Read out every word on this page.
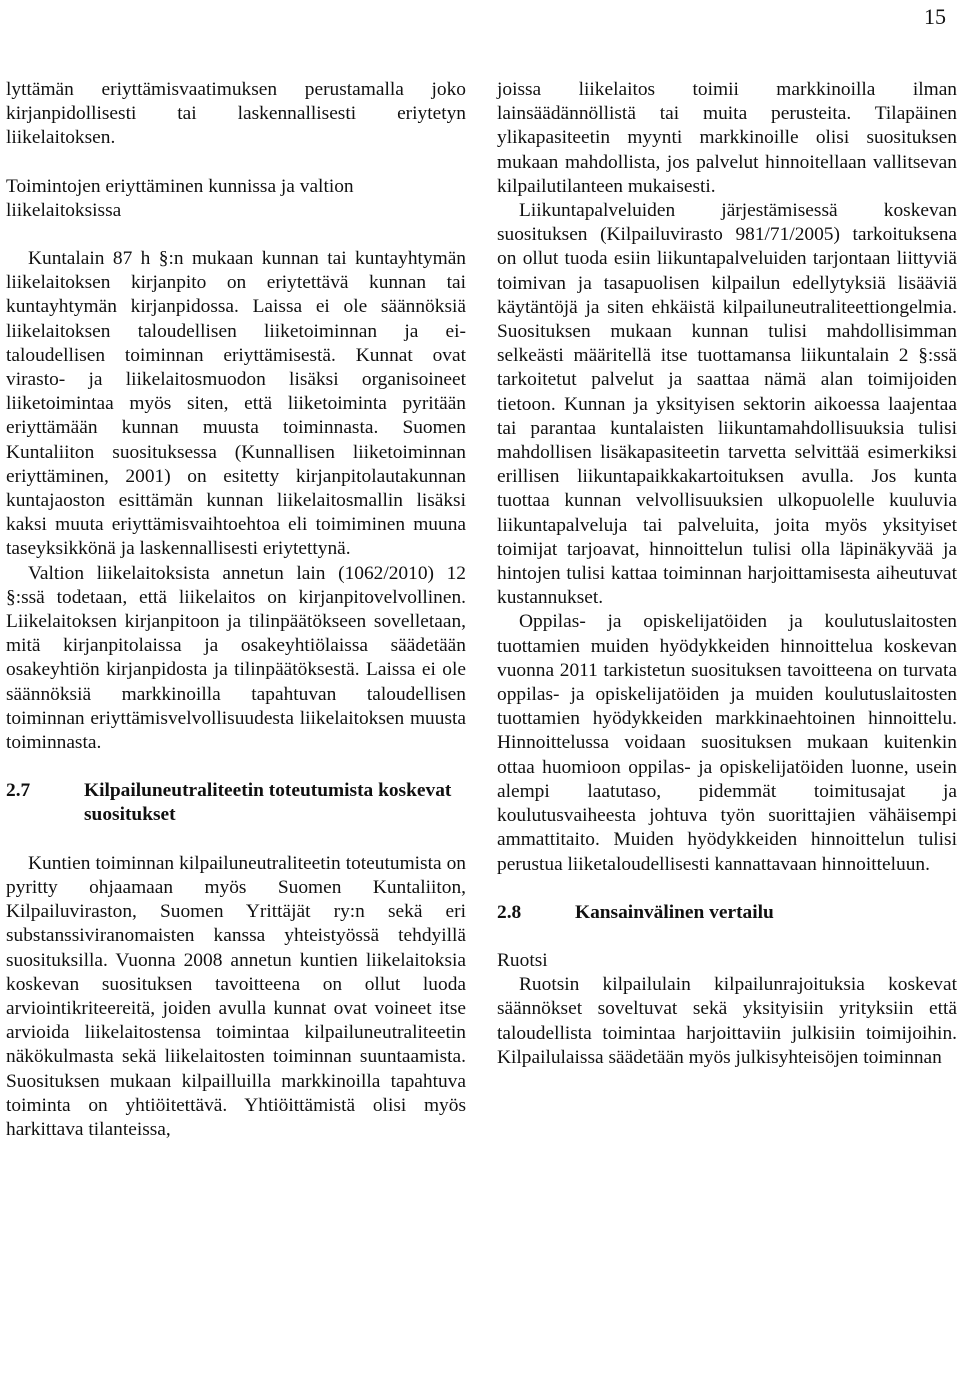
15

lyttämän eriyttämisvaatimuksen perustamalla joko kirjanpidollisesti tai laskennallisesti eriytetyn liikelaitoksen.

Toimintojen eriyttäminen kunnissa ja valtion liikelaitoksissa

Kuntalain 87 h §:n mukaan kunnan tai kuntayhtymän liikelaitoksen kirjanpito on eriytettävä kunnan tai kuntayhtymän kirjanpidossa. Laissa ei ole säännöksiä liikelaitoksen taloudellisen liiketoiminnan ja ei-taloudellisen toiminnan eriyttämisestä. Kunnat ovat virasto- ja liikelaitosmuodon lisäksi organisoineet liiketoimintaa myös siten, että liiketoiminta pyritään eriyttämään kunnan muusta toiminnasta. Suomen Kuntaliiton suosituksessa (Kunnallisen liiketoiminnan eriyttäminen, 2001) on esitetty kirjanpitolautakunnan kuntajaoston esittämän kunnan liikelaitosmallin lisäksi kaksi muuta eriyttämisvaihtoehtoa eli toimiminen muuna taseyksikkönä ja laskennallisesti eriytettynä.

Valtion liikelaitoksista annetun lain (1062/2010) 12 §:ssä todetaan, että liikelaitos on kirjanpitovelvollinen. Liikelaitoksen kirjanpitoon ja tilinpäätökseen sovelletaan, mitä kirjanpitolaissa ja osakeyhtiölaissa säädetään osakeyhtiön kirjanpidosta ja tilinpäätöksestä. Laissa ei ole säännöksiä markkinoilla tapahtuvan taloudellisen toiminnan eriyttämisvelvollisuudesta liikelaitoksen muusta toiminnasta.

2.7	Kilpailuneutraliteetin toteutumista koskevat suositukset

Kuntien toiminnan kilpailuneutraliteetin toteutumista on pyritty ohjaamaan myös Suomen Kuntaliiton, Kilpailuviraston, Suomen Yrittäjät ry:n sekä eri substanssiviranomaisten kanssa yhteistyössä tehdyillä suosituksilla. Vuonna 2008 annetun kuntien liikelaitoksia koskevan suosituksen tavoitteena on ollut luoda arviointikriteereitä, joiden avulla kunnat ovat voineet itse arvioida liikelaitostensa toimintaa kilpailuneutraliteetin näkökulmasta sekä liikelaitosten toiminnan suuntaamista. Suosituksen mukaan kilpailluilla markkinoilla tapahtuva toiminta on yhtiöitettävä. Yhtiöittämistä olisi myös harkittava tilanteissa,

joissa liikelaitos toimii markkinoilla ilman lainsäädännöllistä tai muita perusteita. Tilapäinen ylikapasiteetin myynti markkinoille olisi suosituksen mukaan mahdollista, jos palvelut hinnoitellaan vallitsevan kilpailutilanteen mukaisesti.

Liikuntapalveluiden järjestämisessä koskevan suosituksen (Kilpailuvirasto 981/71/2005) tarkoituksena on ollut tuoda esiin liikuntapalveluiden tarjontaan liittyviä toimivan ja tasapuolisen kilpailun edellytyksiä lisääviä käytäntöjä ja siten ehkäistä kilpailuneutraliteettiongelmia. Suosituksen mukaan kunnan tulisi mahdollisimman selkeästi määritellä itse tuottamansa liikuntalain 2 §:ssä tarkoitetut palvelut ja saattaa nämä alan toimijoiden tietoon. Kunnan ja yksityisen sektorin aikoessa laajentaa tai parantaa kuntalaisten liikuntamahdollisuuksia tulisi mahdollisen lisäkapasiteetin tarvetta selvittää esimerkiksi erillisen liikuntapaikkakartoituksen avulla. Jos kunta tuottaa kunnan velvollisuuksien ulkopuolelle kuuluvia liikuntapalveluja tai palveluita, joita myös yksityiset toimijat tarjoavat, hinnoittelun tulisi olla läpinäkyvää ja hintojen tulisi kattaa toiminnan harjoittamisesta aiheutuvat kustannukset.

Oppilas- ja opiskelijatöiden ja koulutuslaitosten tuottamien muiden hyödykkeiden hinnoittelua koskevan vuonna 2011 tarkistetun suosituksen tavoitteena on turvata oppilas- ja opiskelijatöiden ja muiden koulutuslaitosten tuottamien hyödykkeiden markkinaehtoinen hinnoittelu. Hinnoittelussa voidaan suosituksen mukaan kuitenkin ottaa huomioon oppilas- ja opiskelijatöiden luonne, usein alempi laatutaso, pidemmät toimitusajat ja koulutusvaiheesta johtuva työn suorittajien vähäisempi ammattitaito. Muiden hyödykkeiden hinnoittelun tulisi perustua liiketaloudellisesti kannattavaan hinnoitteluun.

2.8	Kansainvälinen vertailu

Ruotsi

Ruotsin kilpailulain kilpailunrajoituksia koskevat säännökset soveltuvat sekä yksityisiin yrityksiin että taloudellista toimintaa harjoittaviin julkisiin toimijoihin. Kilpailulaissa säädetään myös julkisyhteisöjen toiminnan
